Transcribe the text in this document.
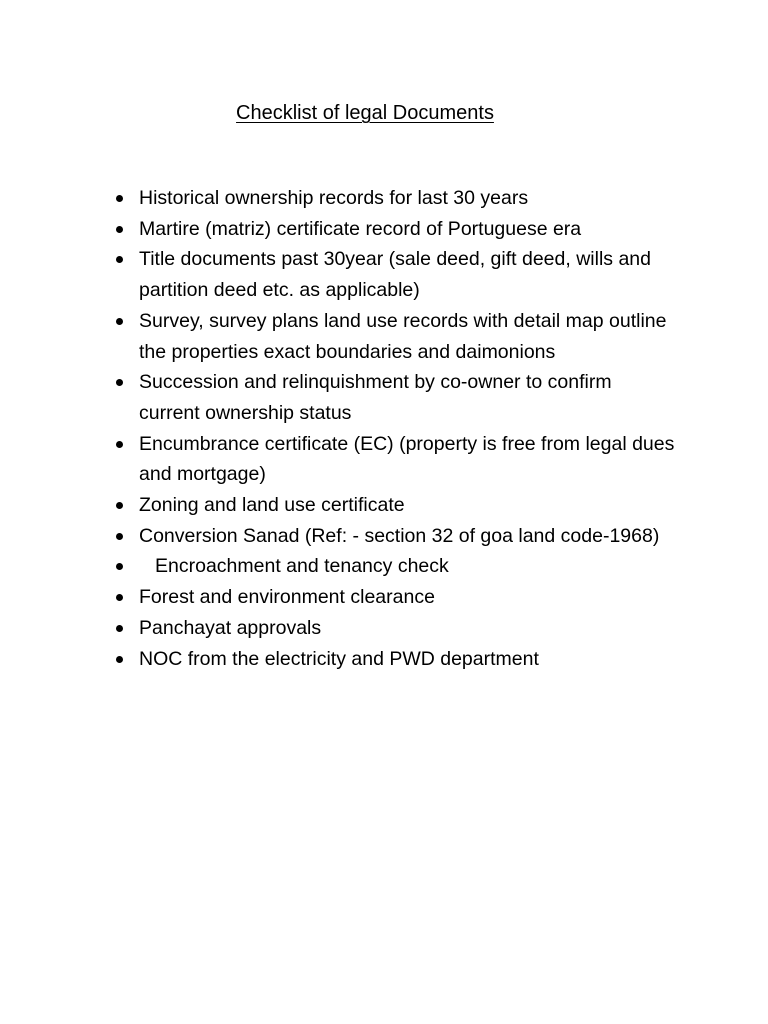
Checklist of legal Documents
Historical ownership records for last 30 years
Martire (matriz) certificate record of Portuguese era
Title documents past 30year (sale deed, gift deed, wills and partition deed etc. as applicable)
Survey, survey plans land use records with detail map outline the properties exact boundaries and daimonions
Succession and relinquishment by co-owner to confirm current ownership status
Encumbrance certificate (EC) (property is free from legal dues and mortgage)
Zoning and land use certificate
Conversion Sanad (Ref: - section 32 of goa land code-1968)
Encroachment and tenancy check
Forest and environment clearance
Panchayat approvals
NOC from the electricity and PWD department
